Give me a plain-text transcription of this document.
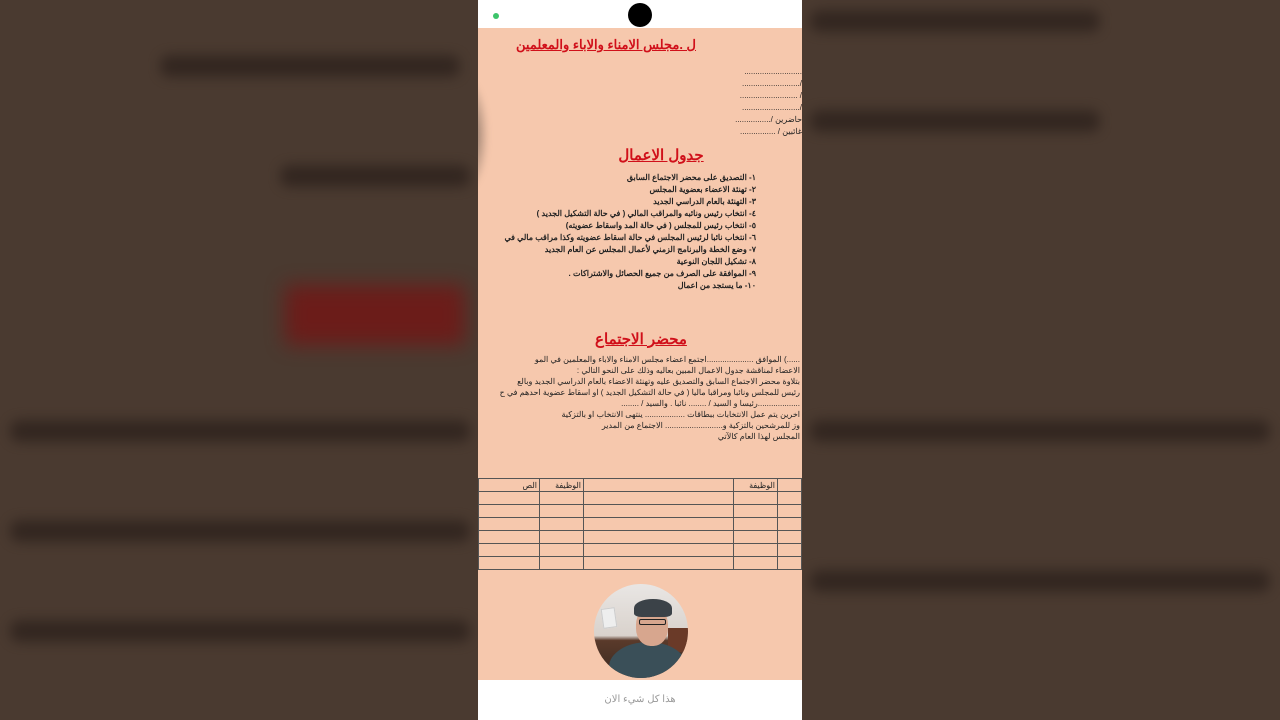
ل .مجلس الامناء والاباء والمعلمين
..........................
/..........................
/ ..........................
/..........................
حاضرين /................
غائبين / ................
جدول الاعمال
١- التصديق على محضر الاجتماع السابق
٢- تهنئة الاعضاء بعضوية المجلس
٣- التهنئة بالعام الدراسي الجديد
٤- انتخاب رئيس ونائبه والمراقب المالي ( في حالة التشكيل الجديد )
٥- انتخاب رئيس للمجلس ( في حالة المد واسقاط عضويته)
٦- انتخاب نائبا لرئيس المجلس في حالة اسقاط عضويته وكذا مراقب مالي في
٧- وضع الخطة والبرنامج الزمني لأعمال المجلس عن العام الجديد
٨- تشكيل اللجان النوعية
٩- الموافقة على الصرف من جميع الحصائل والاشتراكات .
١٠- ما يستجد من اعمال
محضر الاجتماع
......) الموافق .....................اجتمع اعضاء مجلس الامناء والاباء والمعلمين في المو
الاعضاء لمناقشة جدول الاعمال المبين بعاليه وذلك على النحو التالي :
بتلاوة محضر الاجتماع السابق والتصديق عليه وتهنئة الاعضاء بالعام الدراسي الجديد وبالع
رئيس للمجلس ونائبا ومراقبا ماليا ( في حالة التشكيل الجديد ) او اسقاط عضوية احدهم في ح
...................رئيسا و السيد / ........ نائبا . والسيد / ........
اخرين يتم عمل الانتخابات ببطاقات .................. ينتهى الانتخاب او بالتزكية
وز للمرشحين بالتزكية و.......................... الاجتماع من المدير
المجلس لهذا العام كالآتي
	الوظيفة		الوظيفة	الص

هذا كل شيء الان
